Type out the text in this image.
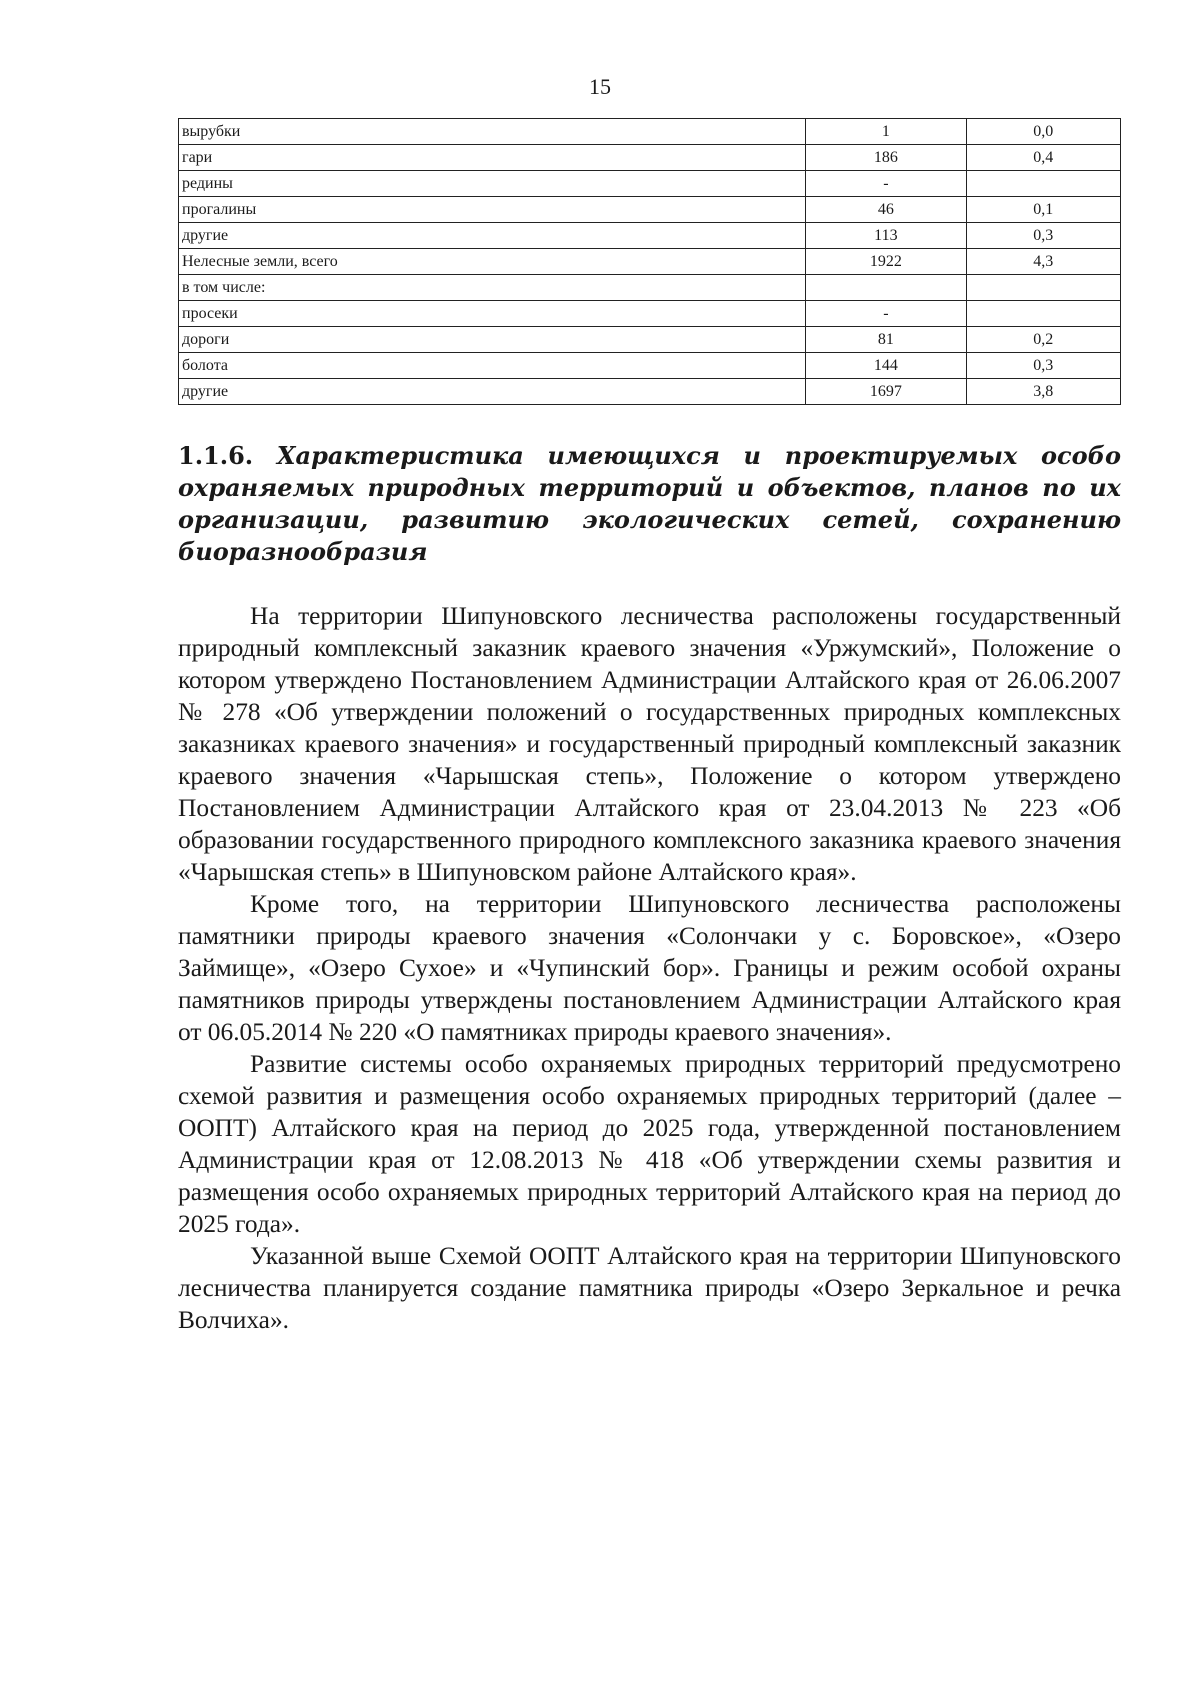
15
вырубки	1	0,0
гари	186	0,4
редины	-	
прогалины	46	0,1
другие	113	0,3
Нелесные земли, всего	1922	4,3
в том числе:		
просеки	-	
дороги	81	0,2
болота	144	0,3
другие	1697	3,8
1.1.6. Характеристика имеющихся и проектируемых особо охраняемых природных территорий и объектов, планов по их организации, развитию экологических сетей, сохранению биоразнообразия

На территории Шипуновского лесничества расположены государственный природный комплексный заказник краевого значения «Уржумский», Положение о котором утверждено Постановлением Администрации Алтайского края от 26.06.2007 № 278 «Об утверждении положений о государственных природных комплексных заказниках краевого значения» и государственный природный комплексный заказник краевого значения «Чарышская степь», Положение о котором утверждено Постановлением Администрации Алтайского края от 23.04.2013 № 223 «Об образовании государственного природного комплексного заказника краевого значения «Чарышская степь» в Шипуновском районе Алтайского края».

Кроме того, на территории Шипуновского лесничества расположены памятники природы краевого значения «Солончаки у с. Боровское», «Озеро Займище», «Озеро Сухое» и «Чупинский бор». Границы и режим особой охраны памятников природы утверждены постановлением Администрации Алтайского края от 06.05.2014 № 220 «О памятниках природы краевого значения».

Развитие системы особо охраняемых природных территорий предусмотрено схемой развития и размещения особо охраняемых природных территорий (далее – ООПТ) Алтайского края на период до 2025 года, утвержденной постановлением Администрации края от 12.08.2013 № 418 «Об утверждении схемы развития и размещения особо охраняемых природных территорий Алтайского края на период до 2025 года».

Указанной выше Схемой ООПТ Алтайского края на территории Шипуновского лесничества планируется создание памятника природы «Озеро Зеркальное и речка Волчиха».
